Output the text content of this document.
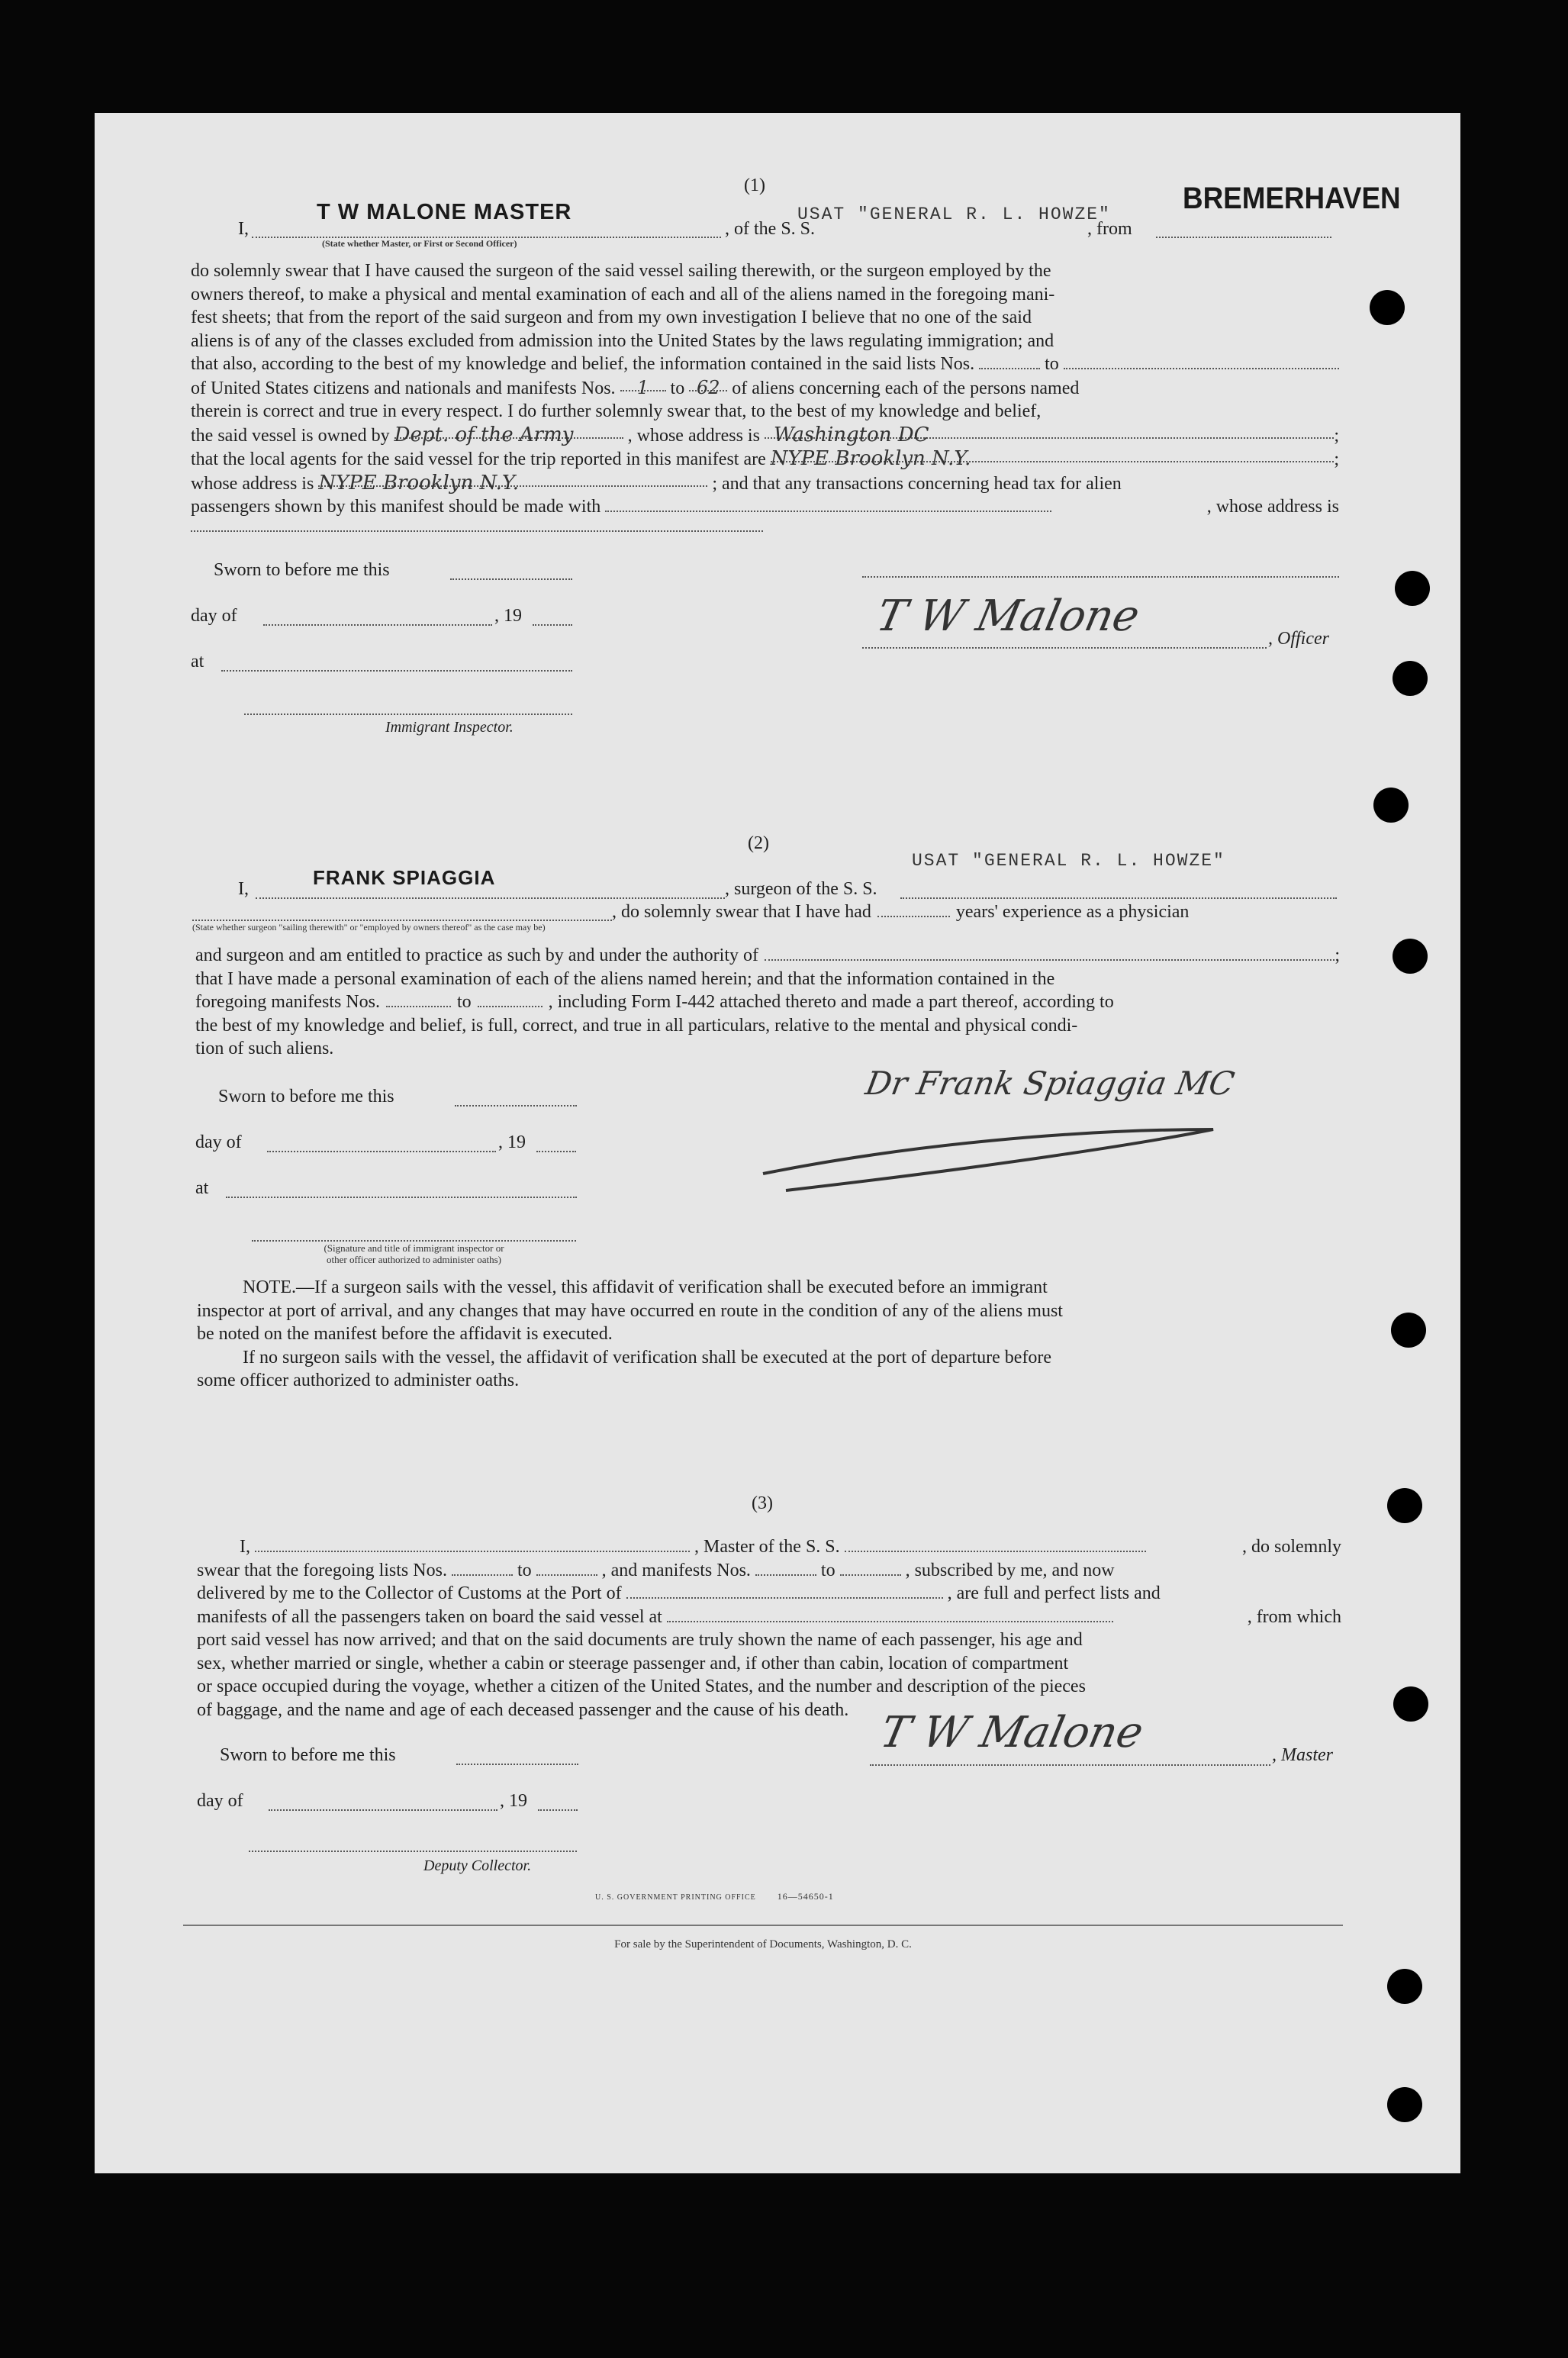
(1)
I,
T W MALONE MASTER
(State whether Master, or First or Second Officer)
, of the S. S.
USAT "GENERAL R. L. HOWZE"
, from
BREMERHAVEN
do solemnly swear that I have caused the surgeon of the said vessel sailing therewith, or the surgeon employed by the
owners thereof, to make a physical and mental examination of each and all of the aliens named in the foregoing mani-
fest sheets; that from the report of the said surgeon and from my own investigation I believe that no one of the said
aliens is of any of the classes excluded from admission into the United States by the laws regulating immigration; and
that also, according to the best of my knowledge and belief, the information contained in the said lists Nos.	to
of United States citizens and nationals and manifests Nos.	1	to 62 of aliens concerning each of the persons named
therein is correct and true in every respect. I do further solemnly swear that, to the best of my knowledge and belief,
the said vessel is owned by Dept. of the Army	, whose address is Washington DC	;
that the local agents for the said vessel for the trip reported in this manifest are NYPE Brooklyn N.Y.	;
whose address is NYPE Brooklyn N.Y.	; and that any transactions concerning head tax for alien
passengers shown by this manifest should be made with	, whose address is
Sworn to before me this
day of	, 19
at
Immigrant Inspector.
T W Malone	, Officer
(2)
I,	FRANK SPIAGGIA	, surgeon of the S. S.
USAT "GENERAL R. L. HOWZE"
, do solemnly swear that I have had	years' experience as a physician
(State whether surgeon "sailing therewith" or "employed by owners thereof" as the case may be)
and surgeon and am entitled to practice as such by and under the authority of	;
that I have made a personal examination of each of the aliens named herein; and that the information contained in the
foregoing manifests Nos.	to	, including Form I-442 attached thereto and made a part thereof, according to
the best of my knowledge and belief, is full, correct, and true in all particulars, relative to the mental and physical condi-
tion of such aliens.
Sworn to before me this
day of	, 19
at
(Signature and title of immigrant inspector or
other officer authorized to administer oaths)
Dr Frank Spiaggia MC
NOTE.—If a surgeon sails with the vessel, this affidavit of verification shall be executed before an immigrant
inspector at port of arrival, and any changes that may have occurred en route in the condition of any of the aliens must
be noted on the manifest before the affidavit is executed.
If no surgeon sails with the vessel, the affidavit of verification shall be executed at the port of departure before
some officer authorized to administer oaths.
(3)
I,	, Master of the S. S.	, do solemnly
swear that the foregoing lists Nos.	to	, and manifests Nos.	to	, subscribed by me, and now
delivered by me to the Collector of Customs at the Port of	, are full and perfect lists and
manifests of all the passengers taken on board the said vessel at	, from which
port said vessel has now arrived; and that on the said documents are truly shown the name of each passenger, his age and
sex, whether married or single, whether a cabin or steerage passenger and, if other than cabin, location of compartment
or space occupied during the voyage, whether a citizen of the United States, and the number and description of the pieces
of baggage, and the name and age of each deceased passenger and the cause of his death.
Sworn to before me this
day of	, 19
Deputy Collector.
T W Malone	, Master
U. S. GOVERNMENT PRINTING OFFICE 16—54650-1
For sale by the Superintendent of Documents, Washington, D. C.
